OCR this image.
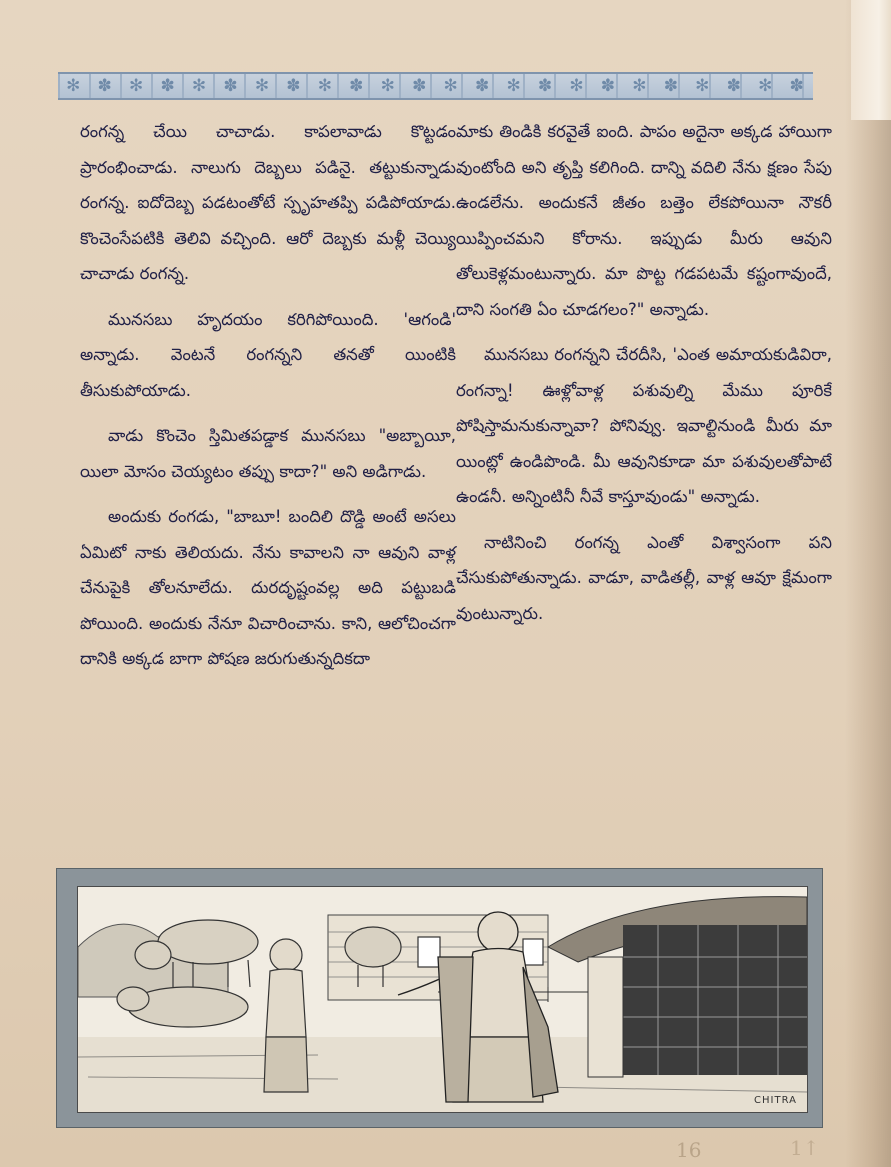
✻ ✽ ✻ ✽ ✻ ✽ ✻ ✽ ✻ ✽ ✻ ✽ ✻ ✽ ✻ ✽ ✻ ✽ ✻ ✽ ✻ ✽ ✻ ✽

రంగన్న చేయి చాచాడు. కాపలావాడు కొట్టడం ప్రారంభించాడు. నాలుగు దెబ్బలు పడినై. తట్టుకున్నాడు రంగన్న. ఐదోదెబ్బ పడటంతోటే స్పృహతప్పి పడిపోయాడు. కొంచెంసేపటికి తెలివి వచ్చింది. ఆరో దెబ్బకు మళ్లీ చెయ్యి చాచాడు రంగన్న.

మునసబు హృదయం కరిగిపోయింది. 'ఆగండి' అన్నాడు. వెంటనే రంగన్నని తనతో యింటికి తీసుకుపోయాడు.

వాడు కొంచెం స్తిమితపడ్డాక మునసబు "అబ్బాయీ, యిలా మోసం చెయ్యటం తప్పు కాదా?" అని అడిగాడు.

అందుకు రంగడు, "బాబూ! బందిలి దొడ్డి అంటే అసలు ఏమిటో నాకు తెలియదు. నేను కావాలని నా ఆవుని వాళ్ల చేనుపైకి తోలనూలేదు. దురదృష్టంవల్ల అది పట్టుబడి పోయింది. అందుకు నేనూ విచారించాను. కాని, ఆలోచించగా దానికి అక్కడ బాగా పోషణ జరుగుతున్నదికదా

మాకు తిండికి కరవైతే ఐంది. పాపం అదైనా అక్కడ హాయిగా వుంటోంది అని తృప్తి కలిగింది. దాన్ని వదిలి నేను క్షణం సేపు ఉండలేను. అందుకనే జీతం బత్తెం లేకపోయినా నౌకరీ యిప్పించమని కోరాను. ఇప్పుడు మీరు ఆవుని తోలుకెళ్లమంటున్నారు. మా పొట్ట గడపటమే కష్టంగావుందే, దాని సంగతి ఏం చూడగలం?" అన్నాడు.

మునసబు రంగన్నని చేరదీసి, 'ఎంత అమాయకుడివిరా, రంగన్నా! ఊళ్లోవాళ్ల పశువుల్ని మేము పూరికే పోషిస్తామనుకున్నావా? పోనివ్వు. ఇవాల్టినుండి మీరు మా యింట్లో ఉండిపొండి. మీ ఆవునికూడా మా పశువులతోపాటే ఉండనీ. అన్నింటినీ నీవే కాస్తూవుండు" అన్నాడు.

నాటినించి రంగన్న ఎంతో విశ్వాసంగా పని చేసుకుపోతున్నాడు. వాడూ, వాడితల్లీ, వాళ్ల ఆవూ క్షేమంగా వుంటున్నారు.

CHITRA
16	1↑
